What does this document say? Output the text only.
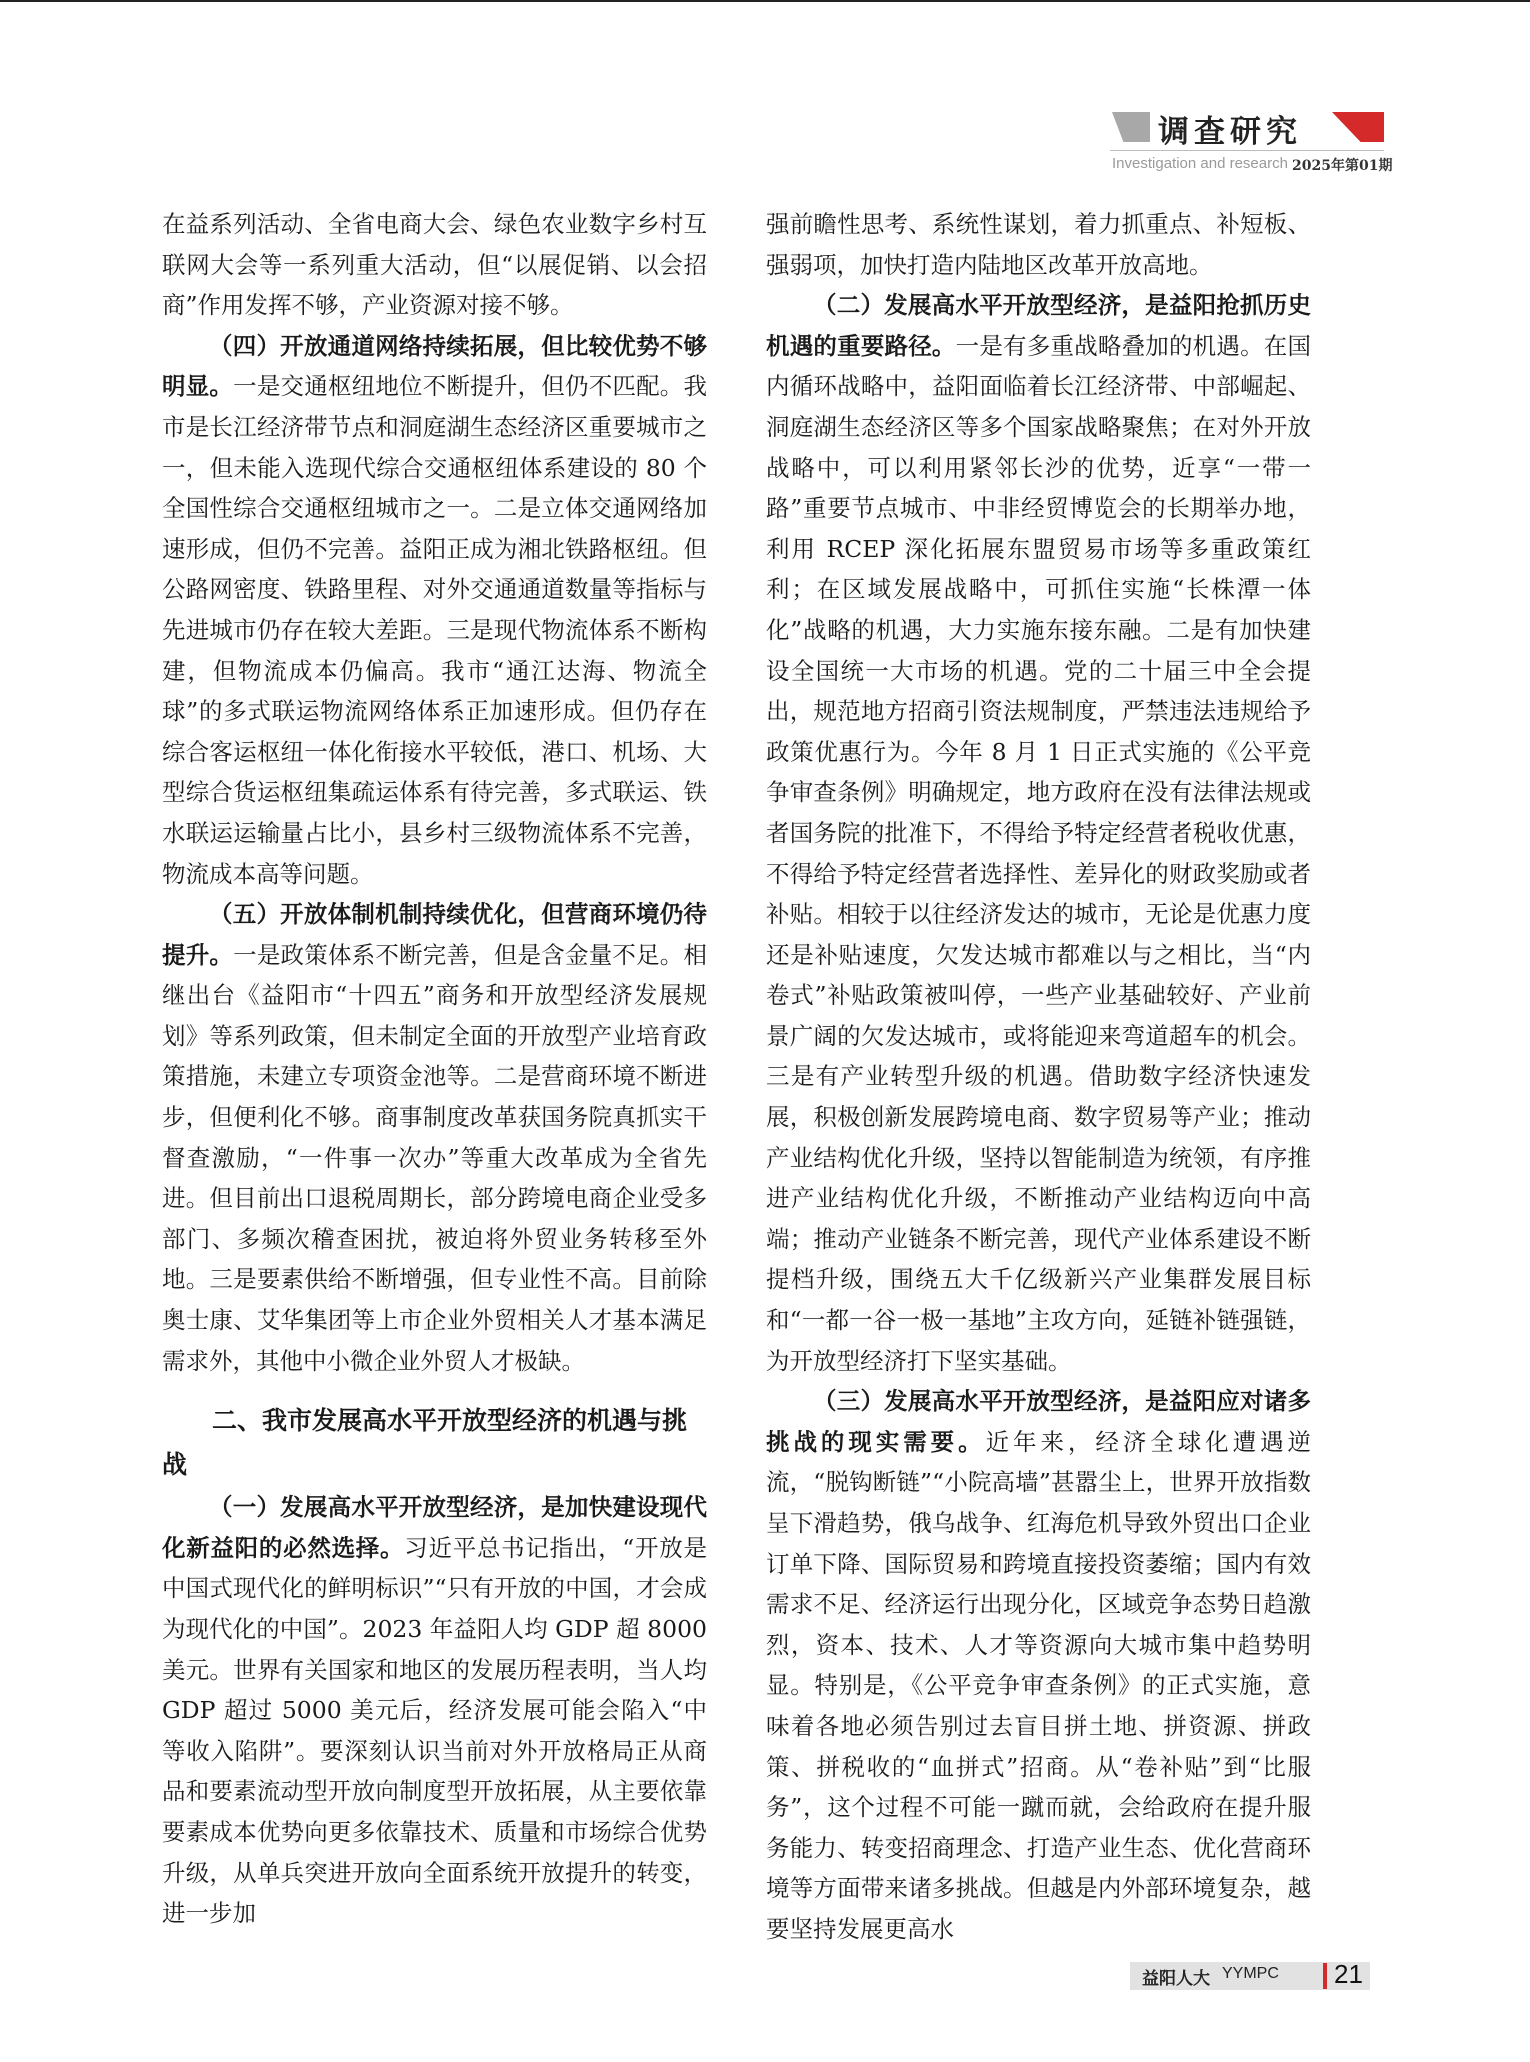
调查研究
Investigation and research 2025年第01期

在益系列活动、全省电商大会、绿色农业数字乡村互联网大会等一系列重大活动，但“以展促销、以会招商”作用发挥不够，产业资源对接不够。

（四）开放通道网络持续拓展，但比较优势不够明显。一是交通枢纽地位不断提升，但仍不匹配。我市是长江经济带节点和洞庭湖生态经济区重要城市之一，但未能入选现代综合交通枢纽体系建设的 80 个全国性综合交通枢纽城市之一。二是立体交通网络加速形成，但仍不完善。益阳正成为湘北铁路枢纽。但公路网密度、铁路里程、对外交通通道数量等指标与先进城市仍存在较大差距。三是现代物流体系不断构建，但物流成本仍偏高。我市“通江达海、物流全球”的多式联运物流网络体系正加速形成。但仍存在综合客运枢纽一体化衔接水平较低，港口、机场、大型综合货运枢纽集疏运体系有待完善，多式联运、铁水联运运输量占比小，县乡村三级物流体系不完善，物流成本高等问题。

（五）开放体制机制持续优化，但营商环境仍待提升。一是政策体系不断完善，但是含金量不足。相继出台《益阳市“十四五”商务和开放型经济发展规划》等系列政策，但未制定全面的开放型产业培育政策措施，未建立专项资金池等。二是营商环境不断进步，但便利化不够。商事制度改革获国务院真抓实干督查激励，“一件事一次办”等重大改革成为全省先进。但目前出口退税周期长，部分跨境电商企业受多部门、多频次稽查困扰，被迫将外贸业务转移至外地。三是要素供给不断增强，但专业性不高。目前除奥士康、艾华集团等上市企业外贸相关人才基本满足需求外，其他中小微企业外贸人才极缺。

二、我市发展高水平开放型经济的机遇与挑战

（一）发展高水平开放型经济，是加快建设现代化新益阳的必然选择。习近平总书记指出，“开放是中国式现代化的鲜明标识”“只有开放的中国，才会成为现代化的中国”。2023 年益阳人均 GDP 超 8000 美元。世界有关国家和地区的发展历程表明，当人均 GDP 超过 5000 美元后，经济发展可能会陷入“中等收入陷阱”。要深刻认识当前对外开放格局正从商品和要素流动型开放向制度型开放拓展，从主要依靠要素成本优势向更多依靠技术、质量和市场综合优势升级，从单兵突进开放向全面系统开放提升的转变，进一步加

强前瞻性思考、系统性谋划，着力抓重点、补短板、强弱项，加快打造内陆地区改革开放高地。

（二）发展高水平开放型经济，是益阳抢抓历史机遇的重要路径。一是有多重战略叠加的机遇。在国内循环战略中，益阳面临着长江经济带、中部崛起、洞庭湖生态经济区等多个国家战略聚焦；在对外开放战略中，可以利用紧邻长沙的优势，近享“一带一路”重要节点城市、中非经贸博览会的长期举办地，利用 RCEP 深化拓展东盟贸易市场等多重政策红利；在区域发展战略中，可抓住实施“长株潭一体化”战略的机遇，大力实施东接东融。二是有加快建设全国统一大市场的机遇。党的二十届三中全会提出，规范地方招商引资法规制度，严禁违法违规给予政策优惠行为。今年 8 月 1 日正式实施的《公平竞争审查条例》明确规定，地方政府在没有法律法规或者国务院的批准下，不得给予特定经营者税收优惠，不得给予特定经营者选择性、差异化的财政奖励或者补贴。相较于以往经济发达的城市，无论是优惠力度还是补贴速度，欠发达城市都难以与之相比，当“内卷式”补贴政策被叫停，一些产业基础较好、产业前景广阔的欠发达城市，或将能迎来弯道超车的机会。三是有产业转型升级的机遇。借助数字经济快速发展，积极创新发展跨境电商、数字贸易等产业；推动产业结构优化升级，坚持以智能制造为统领，有序推进产业结构优化升级，不断推动产业结构迈向中高端；推动产业链条不断完善，现代产业体系建设不断提档升级，围绕五大千亿级新兴产业集群发展目标和“一都一谷一极一基地”主攻方向，延链补链强链，为开放型经济打下坚实基础。

（三）发展高水平开放型经济，是益阳应对诸多挑战的现实需要。近年来，经济全球化遭遇逆流，“脱钩断链”“小院高墙”甚嚣尘上，世界开放指数呈下滑趋势，俄乌战争、红海危机导致外贸出口企业订单下降、国际贸易和跨境直接投资萎缩；国内有效需求不足、经济运行出现分化，区域竞争态势日趋激烈，资本、技术、人才等资源向大城市集中趋势明显。特别是，《公平竞争审查条例》的正式实施，意味着各地必须告别过去盲目拼土地、拼资源、拼政策、拼税收的“血拼式”招商。从“卷补贴”到“比服务”，这个过程不可能一蹴而就，会给政府在提升服务能力、转变招商理念、打造产业生态、优化营商环境等方面带来诸多挑战。但越是内外部环境复杂，越要坚持发展更高水

益阳人大 YYMPC 21
